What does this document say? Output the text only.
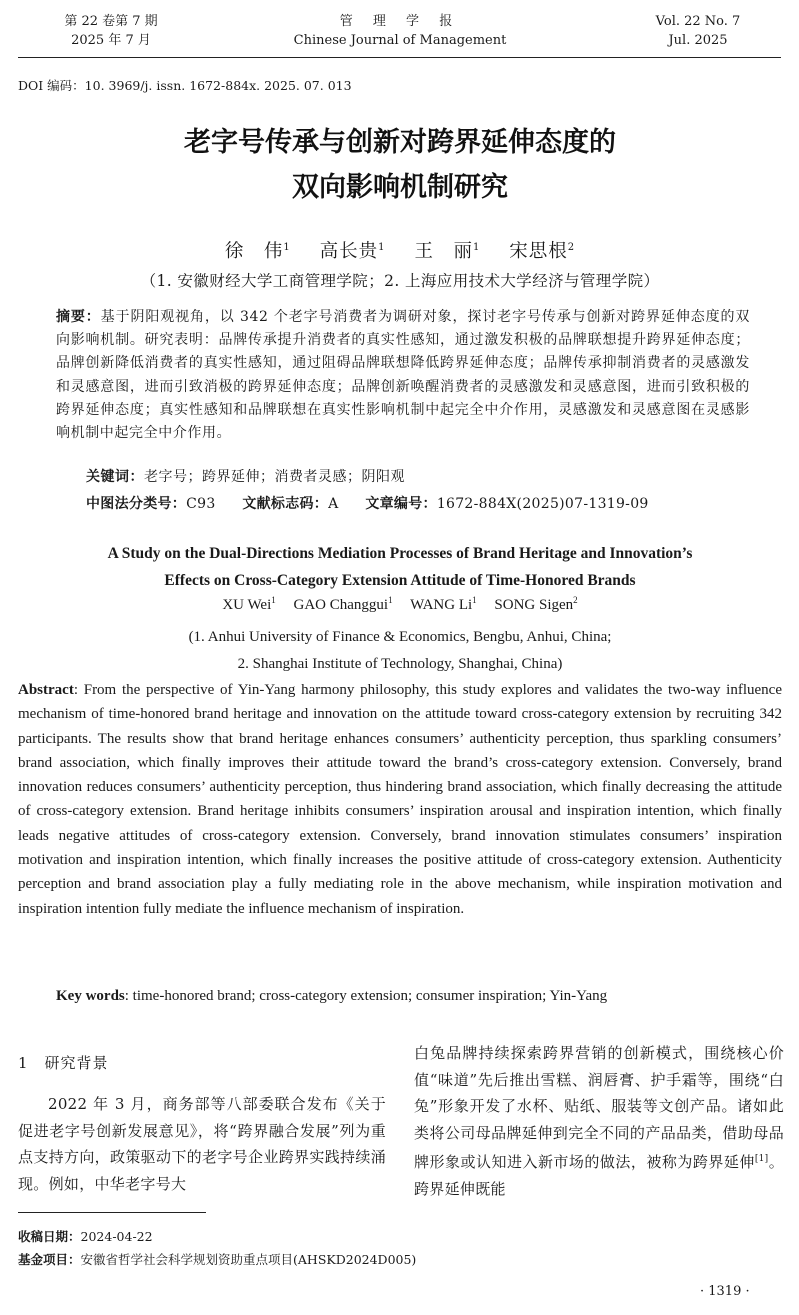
第 22 卷第 7 期
2025 年 7 月
管 理 学 报
Chinese Journal of Management
Vol. 22 No. 7
Jul. 2025
DOI 编码：10. 3969/j. issn. 1672-884x. 2025. 07. 013
老字号传承与创新对跨界延伸态度的
双向影响机制研究
徐　伟$^1$ 高长贵$^1$ 王　丽$^1$ 宋思根$^2$
（1. 安徽财经大学工商管理学院；2. 上海应用技术大学经济与管理学院）
摘要：基于阴阳观视角，以 342 个老字号消费者为调研对象，探讨老字号传承与创新对跨界延伸态度的双向影响机制。研究表明：品牌传承提升消费者的真实性感知，通过激发积极的品牌联想提升跨界延伸态度；品牌创新降低消费者的真实性感知，通过阻碍品牌联想降低跨界延伸态度；品牌传承抑制消费者的灵感激发和灵感意图，进而引致消极的跨界延伸态度；品牌创新唤醒消费者的灵感激发和灵感意图，进而引致积极的跨界延伸态度；真实性感知和品牌联想在真实性影响机制中起完全中介作用，灵感激发和灵感意图在灵感影响机制中起完全中介作用。
关键词：老字号；跨界延伸；消费者灵感；阴阳观
中图法分类号：C93 文献标志码：A 文章编号：1672-884X(2025)07-1319-09
A Study on the Dual-Directions Mediation Processes of Brand Heritage and Innovation’s
Effects on Cross-Category Extension Attitude of Time-Honored Brands
XU Wei$^1$ GAO Changgui$^1$ WANG Li$^1$ SONG Sigen$^2$
(1. Anhui University of Finance & Economics, Bengbu, Anhui, China;
2. Shanghai Institute of Technology, Shanghai, China)
Abstract: From the perspective of Yin-Yang harmony philosophy, this study explores and validates the two-way influence mechanism of time-honored brand heritage and innovation on the attitude toward cross-category extension by recruiting 342 participants. The results show that brand heritage enhances consumers’ authenticity perception, thus sparkling consumers’ brand association, which finally improves their attitude toward the brand’s cross-category extension. Conversely, brand innovation reduces consumers’ authenticity perception, thus hindering brand association, which finally decreasing the attitude of cross-category extension. Brand heritage inhibits consumers’ inspiration arousal and inspiration intention, which finally leads negative attitudes of cross-category extension. Conversely, brand innovation stimulates consumers’ inspiration motivation and inspiration intention, which finally increases the positive attitude of cross-category extension. Authenticity perception and brand association play a fully mediating role in the above mechanism, while inspiration motivation and inspiration intention fully mediate the influence mechanism of inspiration.
Key words: time-honored brand; cross-category extension; consumer inspiration; Yin-Yang
1　研究背景
2022 年 3 月，商务部等八部委联合发布《关于促进老字号创新发展意见》，将“跨界融合发展”列为重点支持方向，政策驱动下的老字号企业跨界实践持续涌现。例如，中华老字号大
白兔品牌持续探索跨界营销的创新模式，围绕核心价值“味道”先后推出雪糕、润唇膏、护手霜等，围绕“白兔”形象开发了水杯、贴纸、服装等文创产品。诸如此类将公司母品牌延伸到完全不同的产品品类，借助母品牌形象或认知进入新市场的做法，被称为跨界延伸[1]。跨界延伸既能
收稿日期：2024-04-22
基金项目：安徽省哲学社会科学规划资助重点项目(AHSKD2024D005)
· 1319 ·
